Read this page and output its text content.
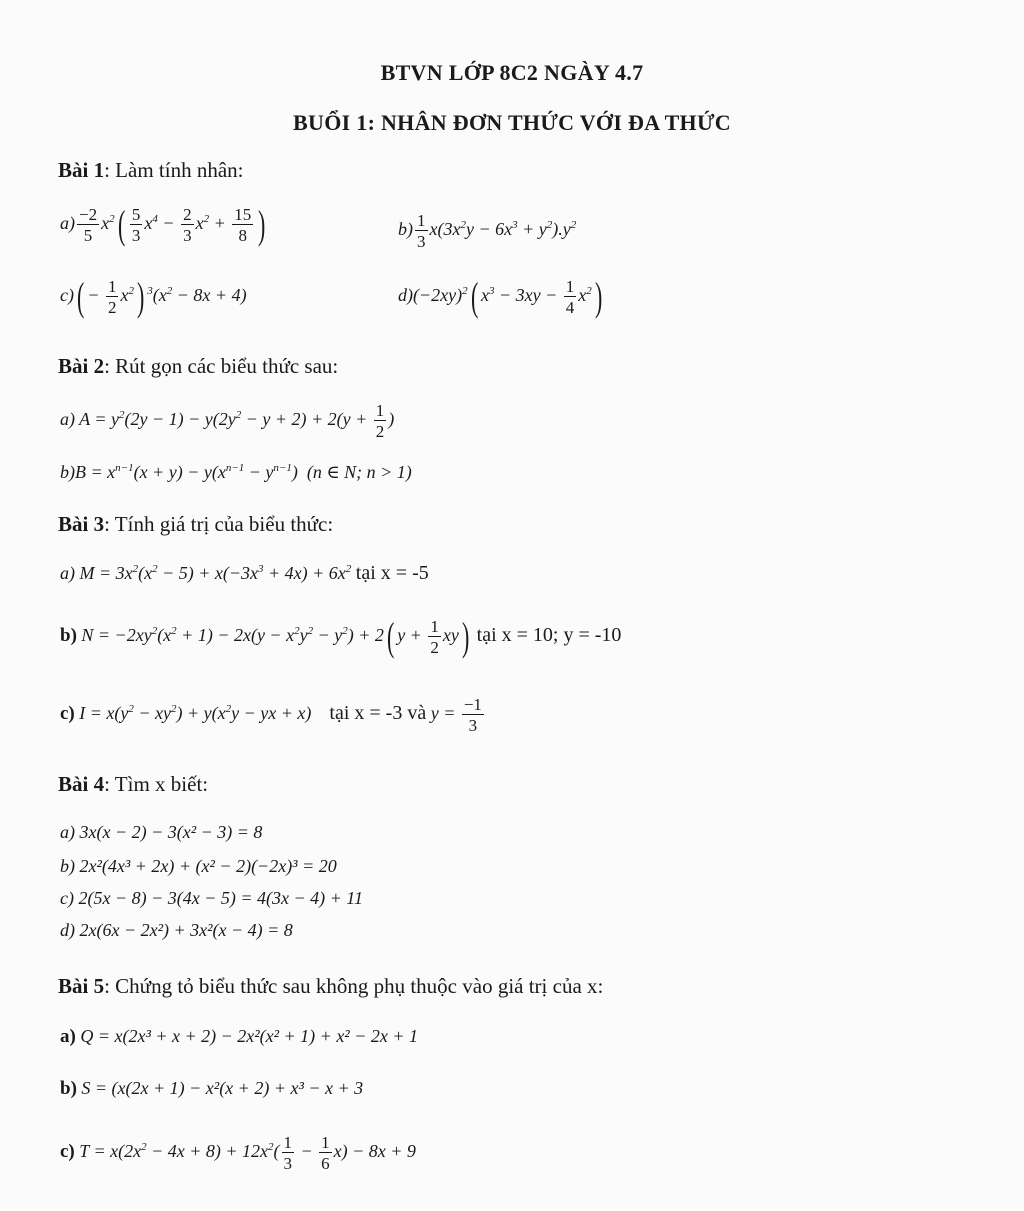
BTVN LỚP 8C2 NGÀY 4.7
BUỔI 1: NHÂN ĐƠN THỨC VỚI ĐA THỨC
Bài 1: Làm tính nhân:
$a) \frac{-2}{5} x^2( \frac{5}{3} x^4 - \frac{2}{3} x^2 + \frac{15}{8}$ )	$b) \frac{1}{3} x(3x^2y - 6x^3 + y^2).y^2$
$c)( - \frac{1}{2} x^2)$ $^3(x^2 - 8x + 4)$	$d)(-2xy)^2$( $x^3 - 3xy - \frac{1}{4} x^2$)
Bài 2: Rút gọn các biểu thức sau:
a) $A = y^2(2y - 1) - y(2y^2 - y + 2) + 2(y + \frac{1}{2}$ )
$b)B = x^{n-1}(x + y) - y(x^{n-1} - y^{n-1})$  (n ∈ N; n > 1)
Bài 3: Tính giá trị của biểu thức:
a) $M = 3x^2(x^2 - 5) + x(-3x^3 + 4x) + 6x^2$ tại x = -5
b) $N = -2xy^2(x^2 + 1) - 2x(y - x^2y^2 - y^2) + 2$( $y + \frac{1}{2} xy$) tại x = 10; y = -10
c) $I = x(y^2 - xy^2) + y(x^2y$ − yx + x)    tại x = -3 và $y = \frac{-1}{3}$
Bài 4: Tìm x biết:
a) 3x(x − 2) − 3(x² − 3) = 8
b) 2x²(4x³ + 2x) + (x² − 2)(−2x)³ = 20
c) 2(5x − 8) − 3(4x − 5) = 4(3x − 4) + 11
d) 2x(6x − 2x²) + 3x²(x − 4) = 8
Bài 5: Chứng tỏ biểu thức sau không phụ thuộc vào giá trị của x:
a) Q = x(2x³ + x + 2) − 2x²(x² + 1) + x² − 2x + 1
b) S = (x(2x + 1) − x²(x + 2) + x³ − x + 3
c) $T = x(2x^2 - 4x + 8) + 12x^2( \frac{1}{3} - \frac{1}{6} x) - 8x + 9$
